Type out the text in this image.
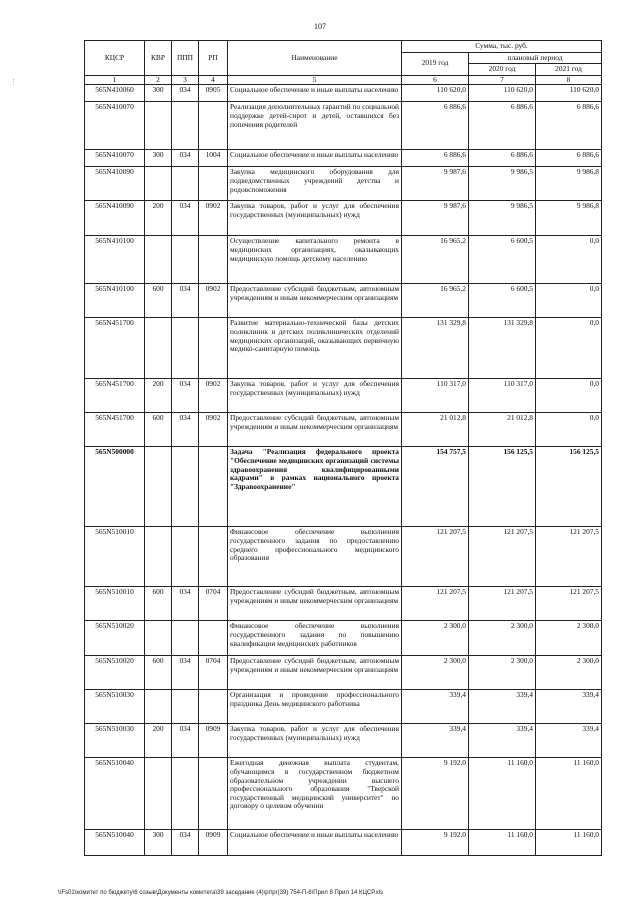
107
⋮
КЦСР	КВР	ППП	РП	Наименование	Сумма, тыс. руб.		
					2019 год	плановый период	
						2020 год	2021 год
1	2	3	4	5	6	7	8
565N410060	300	034	0905	Социальное обеспечение и иные выплаты населению	110 620,0	110 620,0	110 620,0
565N410070				Реализация дополнительных гарантий по социальной поддержке детей-сирот и детей, оставшихся без попечения родителей	6 886,6	6 886,6	6 886,6
565N410070	300	034	1004	Социальное обеспечение и иные выплаты населению	6 886,6	6 886,6	6 886,6
565N410090				Закупка медицинского оборудования для подведомственных учреждений детства и родовспоможения	9 987,6	9 986,5	9 986,8
565N410090	200	034	0902	Закупка товаров, работ и услуг для обеспечения государственных (муниципальных) нужд	9 987,6	9 986,5	9 986,8
565N410100				Осуществление капитального ремонта в медицинских организациях, оказывающих медицинскую помощь детскому населению	16 965,2	6 600,5	0,0
565N410100	600	034	0902	Предоставление субсидий бюджетным, автономным учреждениям и иным некоммерческим организациям	16 965,2	6 600,5	0,0
565N451700				Развитие материально-технической базы детских поликлиник и детских поликлинических отделений медицинских организаций, оказывающих первичную медико-санитарную помощь	131 329,8	131 329,8	0,0
565N451700	200	034	0902	Закупка товаров, работ и услуг для обеспечения государственных (муниципальных) нужд	110 317,0	110 317,0	0,0
565N451700	600	034	0902	Предоставление субсидий бюджетным, автономным учреждениям и иным некоммерческим организациям	21 012,8	21 012,8	0,0
565N500000				Задача "Реализация федерального проекта "Обеспечение медицинских организаций системы здравоохранения квалифицированными кадрами" в рамках национального проекта "Здравоохранение"	154 757,5	156 125,5	156 125,5
565N510010				Финансовое обеспечение выполнения государственного задания по предоставлению среднего профессионального медицинского образования	121 207,5	121 207,5	121 207,5
565N510010	600	034	0704	Предоставление субсидий бюджетным, автономным учреждениям и иным некоммерческим организациям	121 207,5	121 207,5	121 207,5
565N510020				Финансовое обеспечение выполнения государственного задания по повышению квалификации медицинских работников	2 300,0	2 300,0	2 300,0
565N510020	600	034	0704	Предоставление субсидий бюджетным, автономным учреждениям и иным некоммерческим организациям	2 300,0	2 300,0	2 300,0
565N510030				Организация и проведение профессионального праздника День медицинского работника	339,4	339,4	339,4
565N510030	200	034	0909	Закупка товаров, работ и услуг для обеспечения государственных (муниципальных) нужд	339,4	339,4	339,4
565N510040				Ежегодная денежная выплата студентам, обучающимся в государственном бюджетном образовательном учреждении высшего профессионального образования "Тверской государственный медицинский университет" по договору о целевом обучении	9 192,0	11 160,0	11 160,0
565N510040	300	034	0909	Социальное обеспечение и иные выплаты населению	9 192,0	11 160,0	11 160,0
\\Fs01\комитет по бюджету\6 созыв\Документы комитета\39 заседание (4)\pr\pr(39) 754-П-6\Прил 8 Прил 14 КЦСР.xls
